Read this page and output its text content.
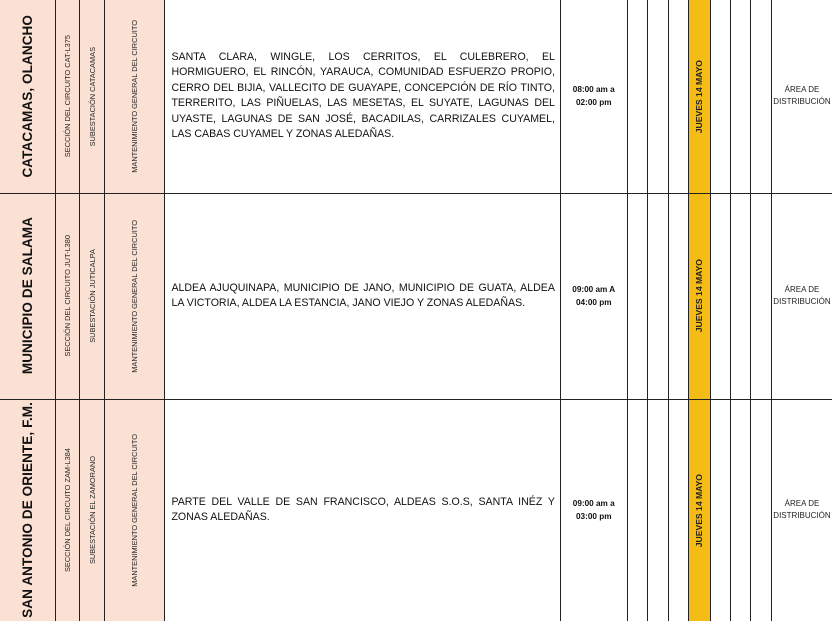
CATACAMAS, OLANCHO	SECCIÓN DEL CIRCUITO CAT-L375	SUBESTACIÓN CATACAMAS	MANTENIMIENTO GENERAL DEL CIRCUITO	SANTA CLARA, WINGLE, LOS CERRITOS, EL CULEBRERO, EL HORMIGUERO, EL RINCÓN, YARAUCA, COMUNIDAD ESFUERZO PROPIO, CERRO DEL BIJIA, VALLECITO DE GUAYAPE, CONCEPCIÓN DE RÍO TINTO, TERRERITO, LAS PIÑUELAS, LAS MESETAS, EL SUYATE, LAGUNAS DEL UYASTE, LAGUNAS DE SAN JOSÉ, BACADILAS, CARRIZALES CUYAMEL, LAS CABAS CUYAMEL Y ZONAS ALEDAÑAS.	08:00 am a
02:00 pm				JUEVES 14 MAYO				ÁREA DE
DISTRIBUCIÓN

MUNICIPIO DE SALAMA	SECCIÓN DEL CIRCUITO JUT-L380	SUBESTACIÓN JUTICALPA	MANTENIMIENTO GENERAL DEL CIRCUITO	ALDEA AJUQUINAPA, MUNICIPIO DE JANO, MUNICIPIO DE GUATA, ALDEA LA VICTORIA, ALDEA LA ESTANCIA, JANO VIEJO Y ZONAS ALEDAÑAS.	09:00 am A
04:00 pm				JUEVES 14 MAYO				ÁREA DE
DISTRIBUCIÓN

SAN ANTONIO DE ORIENTE, F.M.	SECCIÓN DEL CIRCUITO ZAM-L384	SUBESTACIÓN EL ZAMORANO	MANTENIMIENTO GENERAL DEL CIRCUITO	PARTE DEL VALLE DE SAN FRANCISCO, ALDEAS S.O.S, SANTA INÉZ Y ZONAS ALEDAÑAS.	09:00 am a
03:00 pm				JUEVES 14 MAYO				ÁREA DE
DISTRIBUCIÓN
